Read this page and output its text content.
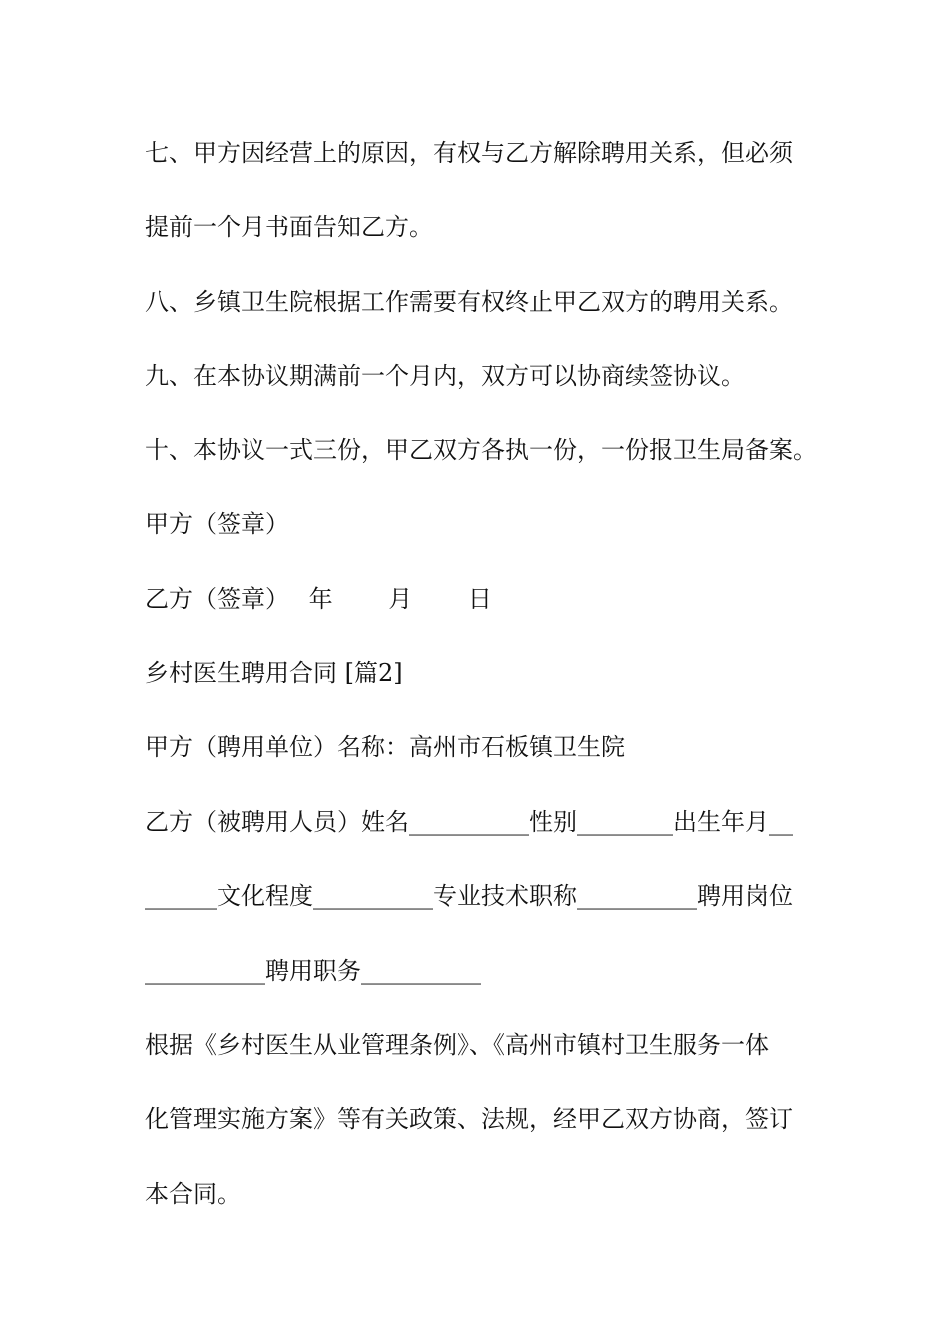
七、甲方因经营上的原因，有权与乙方解除聘用关系，但必须
提前一个月书面告知乙方。
八、乡镇卫生院根据工作需要有权终止甲乙双方的聘用关系。
九、在本协议期满前一个月内，双方可以协商续签协议。
十、本协议一式三份，甲乙双方各执一份，一份报卫生局备案。
甲方（签章）
乙方（签章）　 年　　 月　　 日
乡村医生聘用合同 [篇2]
甲方（聘用单位）名称：高州市石板镇卫生院
乙方（被聘用人员）姓名__________性别________出生年月__
______文化程度__________专业技术职称__________聘用岗位
__________聘用职务__________
根据《乡村医生从业管理条例》、《高州市镇村卫生服务一体
化管理实施方案》等有关政策、法规，经甲乙双方协商，签订
本合同。
